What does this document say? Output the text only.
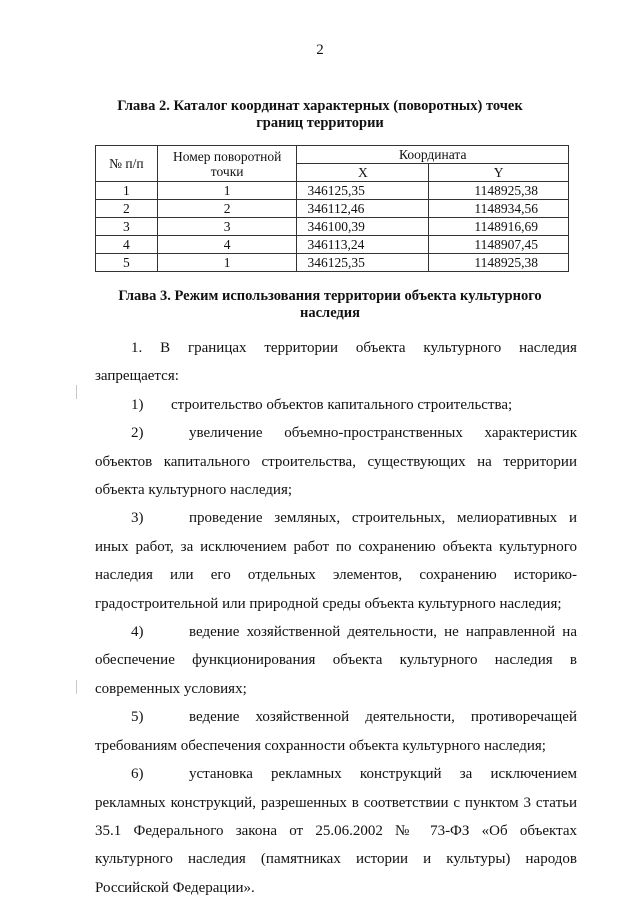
2
Глава 2. Каталог координат характерных (поворотных) точек
границ территории
№ п/п	Номер поворотной точки	Координата	
		X	Y
1	1	346125,35	1148925,38
2	2	346112,46	1148934,56
3	3	346100,39	1148916,69
4	4	346113,24	1148907,45
5	1	346125,35	1148925,38
Глава 3. Режим использования территории объекта культурного
наследия
1. В границах территории объекта культурного наследия

запрещается:

1) строительство объектов капитального строительства;

2)	увеличение объемно-пространственных характеристик объектов капитального строительства, существующих на территории объекта культурного наследия;

3)	проведение земляных, строительных, мелиоративных и иных работ, за исключением работ по сохранению объекта культурного наследия или его отдельных элементов, сохранению историко-градостроительной или природной среды объекта культурного наследия;

4)	ведение хозяйственной деятельности, не направленной на обеспечение функционирования объекта культурного наследия в современных условиях;

5)	ведение хозяйственной деятельности, противоречащей требованиям обеспечения сохранности объекта культурного наследия;

6)	установка рекламных конструкций за исключением рекламных конструкций, разрешенных в соответствии с пунктом 3 статьи 35.1 Федерального закона от 25.06.2002 № 73-ФЗ «Об объектах культурного наследия (памятниках истории и культуры) народов Российской Федерации».
